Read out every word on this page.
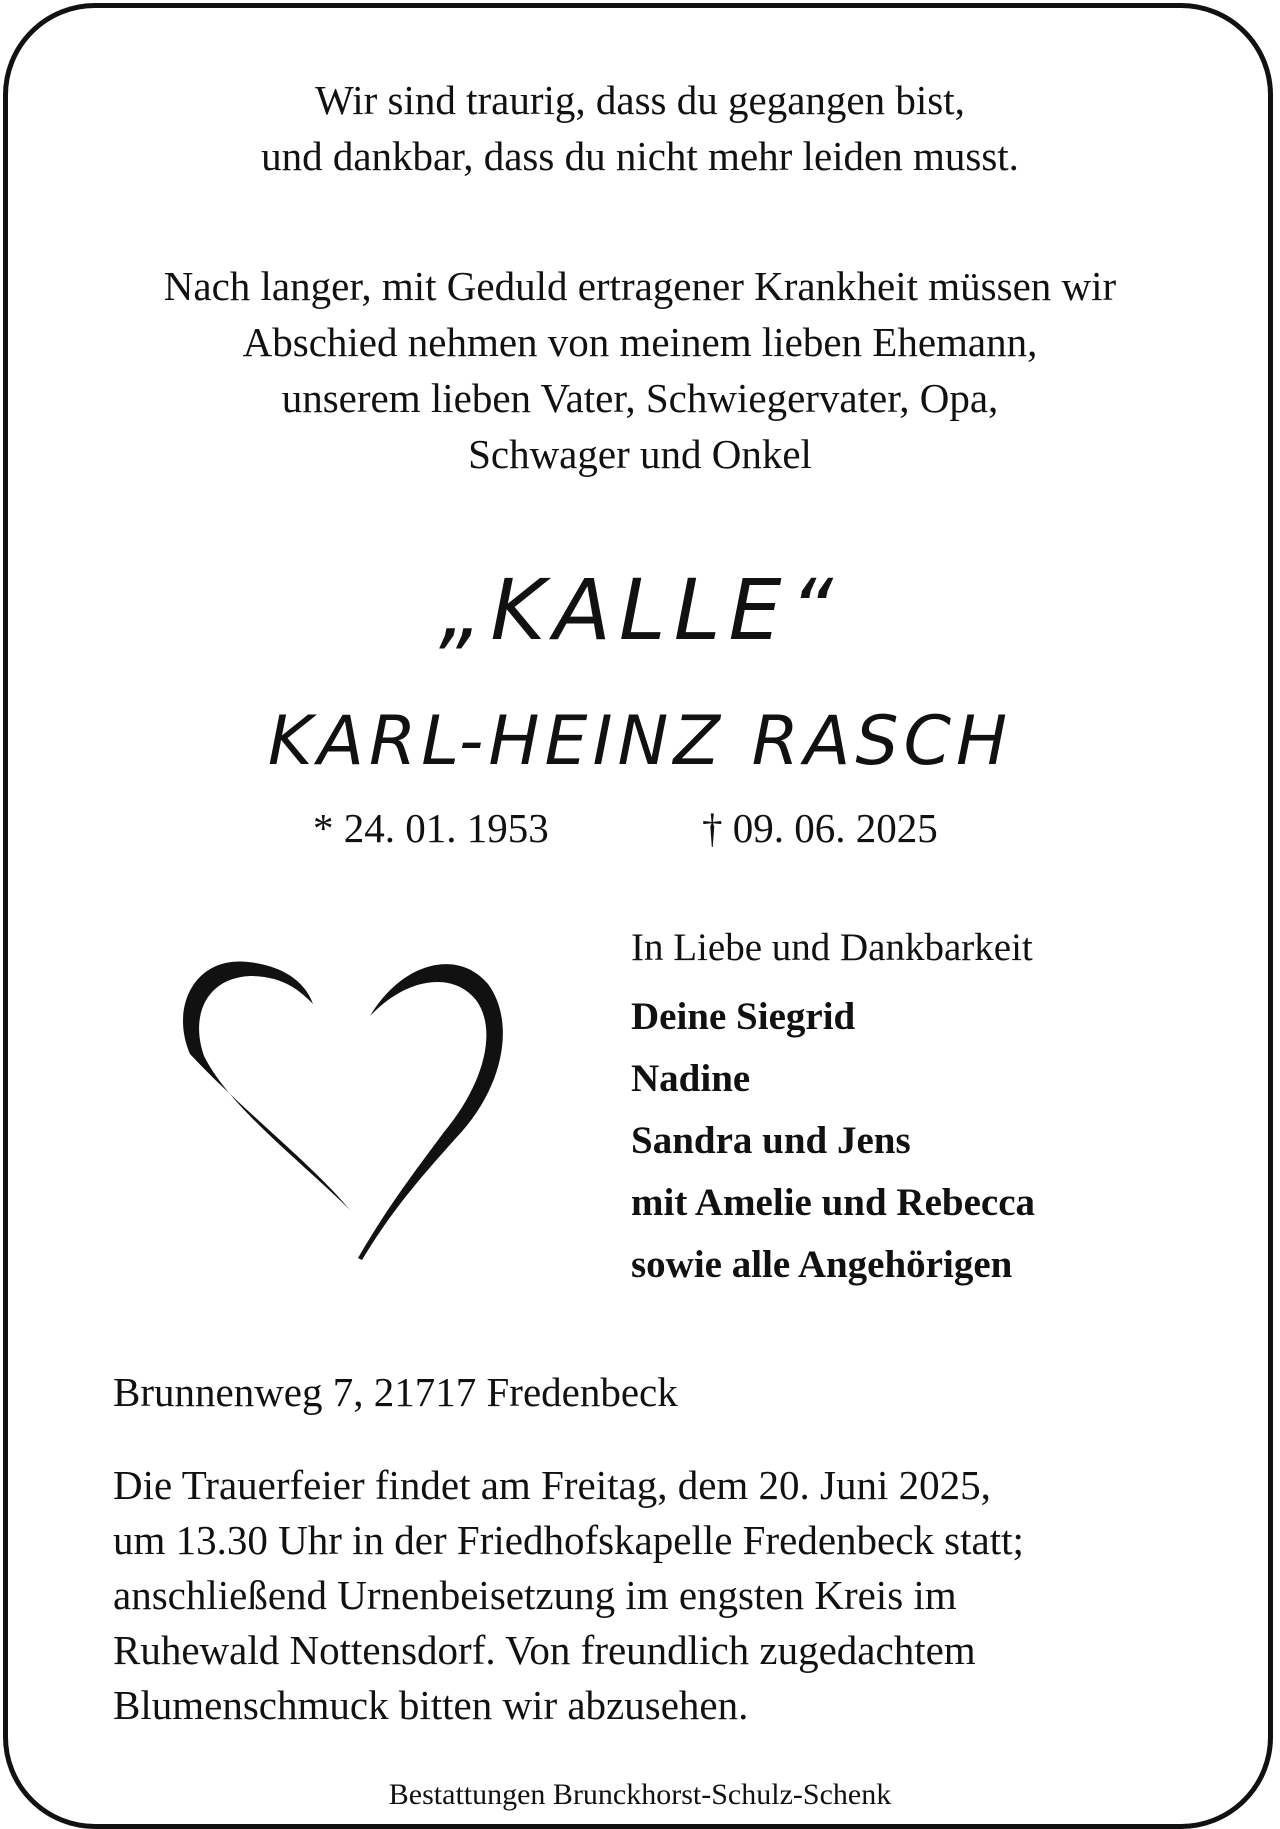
Wir sind traurig, dass du gegangen bist,
und dankbar, dass du nicht mehr leiden musst.
Nach langer, mit Geduld ertragener Krankheit müssen wir
Abschied nehmen von meinem lieben Ehemann,
unserem lieben Vater, Schwiegervater, Opa,
Schwager und Onkel
„KALLE“
KARL-HEINZ RASCH
* 24. 01. 1953	† 09. 06. 2025
In Liebe und Dankbarkeit
Deine Siegrid
Nadine
Sandra und Jens
mit Amelie und Rebecca
sowie alle Angehörigen
Brunnenweg 7, 21717 Fredenbeck
Die Trauerfeier findet am Freitag, dem 20. Juni 2025,
um 13.30 Uhr in der Friedhofskapelle Fredenbeck statt;
anschließend Urnenbeisetzung im engsten Kreis im
Ruhewald Nottensdorf. Von freundlich zugedachtem
Blumenschmuck bitten wir abzusehen.
Bestattungen Brunckhorst-Schulz-Schenk
